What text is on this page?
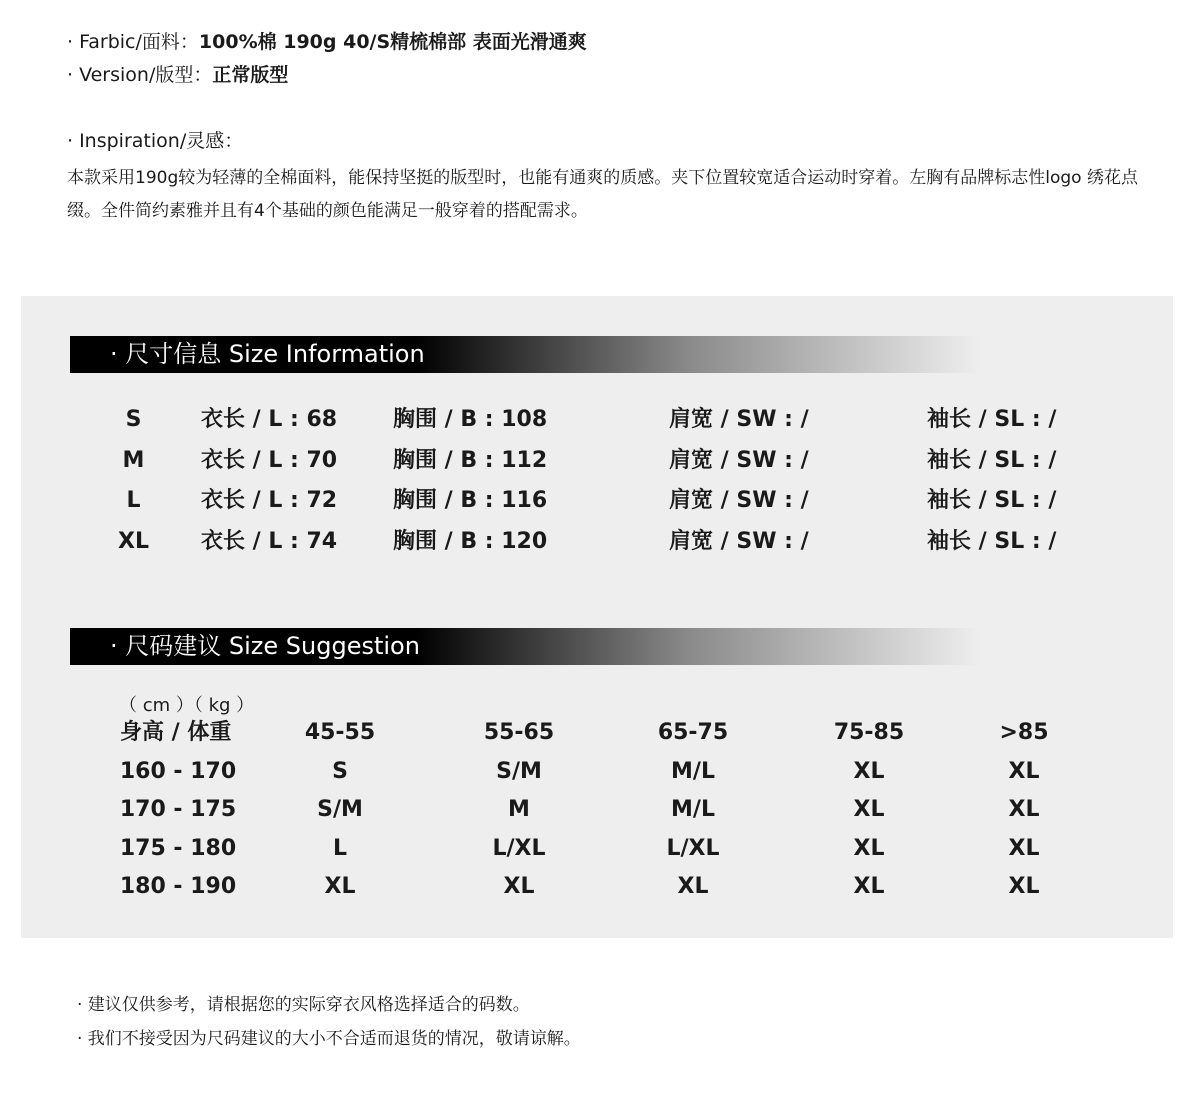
· Farbic/面料：100%棉 190g 40/S精梳棉部 表面光滑通爽
· Version/版型：正常版型
· Inspiration/灵感：
本款采用190g较为轻薄的全棉面料，能保持坚挺的版型时，也能有通爽的质感。夹下位置较宽适合运动时穿着。左胸有品牌标志性logo 绣花点缀。全件简约素雅并且有4个基础的颜色能满足一般穿着的搭配需求。
· 尺寸信息 Size Information
S	衣长 / L : 68	胸围 / B : 108	肩宽 / SW : /	袖长 / SL : /
M	衣长 / L : 70	胸围 / B : 112	肩宽 / SW : /	袖长 / SL : /
L	衣长 / L : 72	胸围 / B : 116	肩宽 / SW : /	袖长 / SL : /
XL	衣长 / L : 74	胸围 / B : 120	肩宽 / SW : /	袖长 / SL : /
· 尺码建议 Size Suggestion
（ cm ）（ kg ）
身高 / 体重	45-55	55-65	65-75	75-85	>85
160 - 170	S	S/M	M/L	XL	XL
170 - 175	S/M	M	M/L	XL	XL
175 - 180	L	L/XL	L/XL	XL	XL
180 - 190	XL	XL	XL	XL	XL
· 建议仅供参考，请根据您的实际穿衣风格选择适合的码数。
· 我们不接受因为尺码建议的大小不合适而退货的情况，敬请谅解。
